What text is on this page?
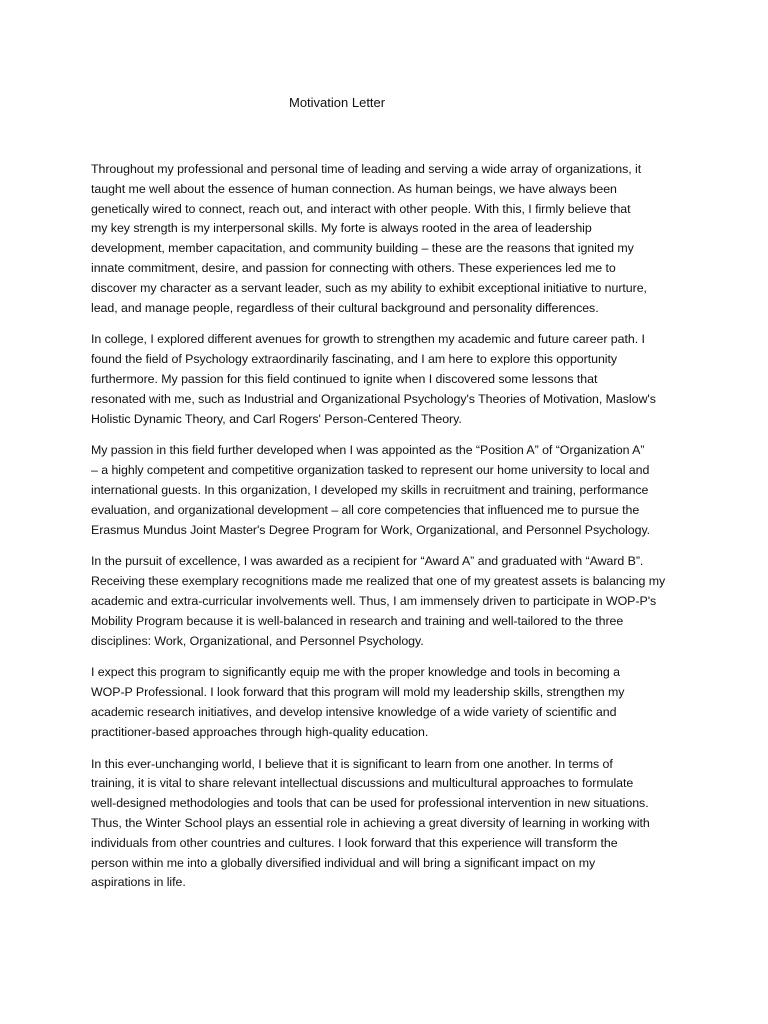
Motivation Letter

Throughout my professional and personal time of leading and serving a wide array of organizations, it
taught me well about the essence of human connection. As human beings, we have always been
genetically wired to connect, reach out, and interact with other people. With this, I firmly believe that
my key strength is my interpersonal skills. My forte is always rooted in the area of leadership
development, member capacitation, and community building – these are the reasons that ignited my
innate commitment, desire, and passion for connecting with others. These experiences led me to
discover my character as a servant leader, such as my ability to exhibit exceptional initiative to nurture,
lead, and manage people, regardless of their cultural background and personality differences.

In college, I explored different avenues for growth to strengthen my academic and future career path. I
found the field of Psychology extraordinarily fascinating, and I am here to explore this opportunity
furthermore. My passion for this field continued to ignite when I discovered some lessons that
resonated with me, such as Industrial and Organizational Psychology's Theories of Motivation, Maslow's
Holistic Dynamic Theory, and Carl Rogers' Person-Centered Theory.

My passion in this field further developed when I was appointed as the “Position A” of “Organization A”
– a highly competent and competitive organization tasked to represent our home university to local and
international guests. In this organization, I developed my skills in recruitment and training, performance
evaluation, and organizational development – all core competencies that influenced me to pursue the
Erasmus Mundus Joint Master's Degree Program for Work, Organizational, and Personnel Psychology.

In the pursuit of excellence, I was awarded as a recipient for “Award A” and graduated with “Award B”.
Receiving these exemplary recognitions made me realized that one of my greatest assets is balancing my
academic and extra-curricular involvements well. Thus, I am immensely driven to participate in WOP-P's
Mobility Program because it is well-balanced in research and training and well-tailored to the three
disciplines: Work, Organizational, and Personnel Psychology.

I expect this program to significantly equip me with the proper knowledge and tools in becoming a
WOP-P Professional. I look forward that this program will mold my leadership skills, strengthen my
academic research initiatives, and develop intensive knowledge of a wide variety of scientific and
practitioner-based approaches through high-quality education.

In this ever-unchanging world, I believe that it is significant to learn from one another. In terms of
training, it is vital to share relevant intellectual discussions and multicultural approaches to formulate
well-designed methodologies and tools that can be used for professional intervention in new situations.
Thus, the Winter School plays an essential role in achieving a great diversity of learning in working with
individuals from other countries and cultures. I look forward that this experience will transform the
person within me into a globally diversified individual and will bring a significant impact on my
aspirations in life.
